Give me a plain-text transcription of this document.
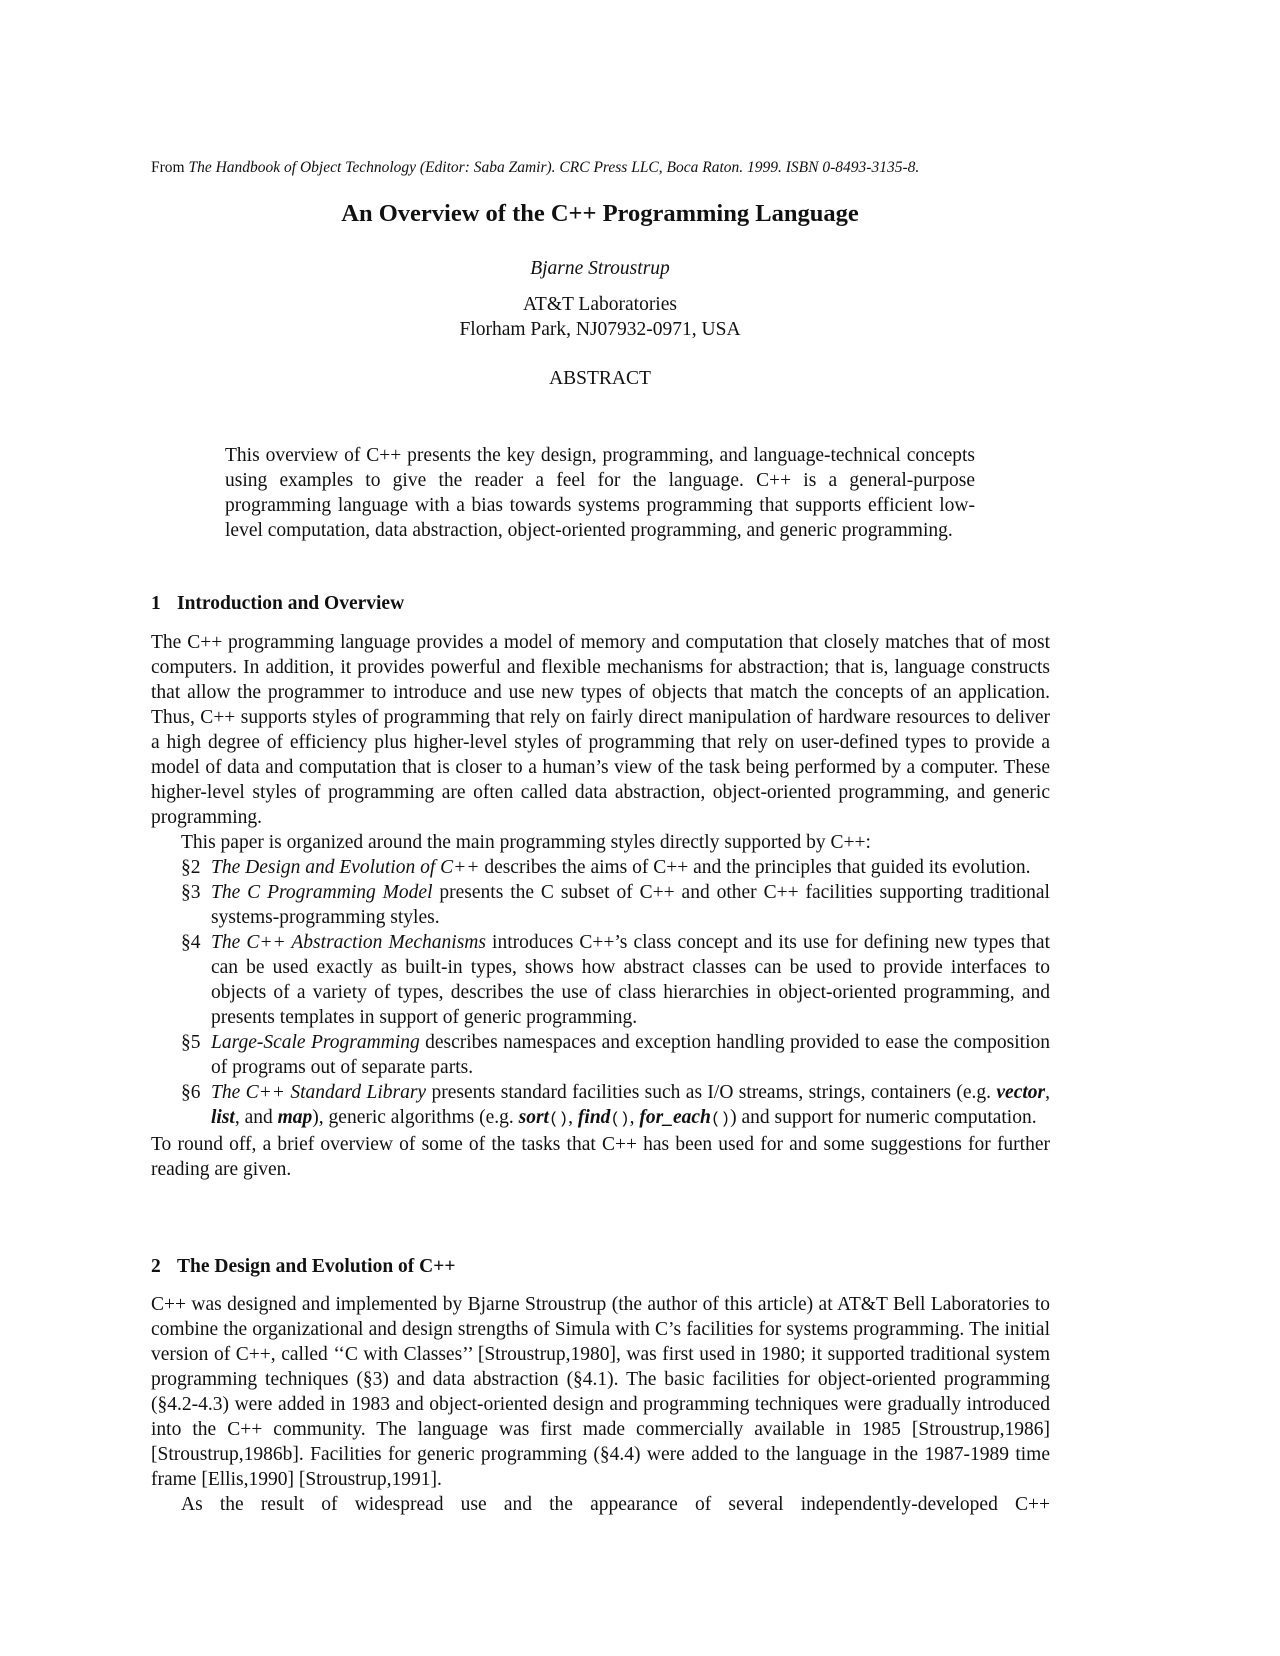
From The Handbook of Object Technology (Editor: Saba Zamir). CRC Press LLC, Boca Raton. 1999. ISBN 0-8493-3135-8.
An Overview of the C++ Programming Language
Bjarne Stroustrup
AT&T Laboratories
Florham Park, NJ07932-0971, USA
ABSTRACT
This overview of C++ presents the key design, programming, and language-technical concepts using examples to give the reader a feel for the language. C++ is a general-purpose programming language with a bias towards systems programming that supports efficient low-level computation, data abstraction, object-oriented programming, and generic programming.
1 Introduction and Overview

The C++ programming language provides a model of memory and computation that closely matches that of most computers. In addition, it provides powerful and flexible mechanisms for abstraction; that is, language constructs that allow the programmer to introduce and use new types of objects that match the concepts of an application. Thus, C++ supports styles of programming that rely on fairly direct manipulation of hardware resources to deliver a high degree of efficiency plus higher-level styles of programming that rely on user-defined types to provide a model of data and computation that is closer to a human’s view of the task being performed by a computer. These higher-level styles of programming are often called data abstraction, object-oriented programming, and generic programming.

This paper is organized around the main programming styles directly supported by C++:

§2 The Design and Evolution of C++ describes the aims of C++ and the principles that guided its evolution.
§3 The C Programming Model presents the C subset of C++ and other C++ facilities supporting traditional systems-programming styles.
§4 The C++ Abstraction Mechanisms introduces C++’s class concept and its use for defining new types that can be used exactly as built-in types, shows how abstract classes can be used to provide interfaces to objects of a variety of types, describes the use of class hierarchies in object-oriented programming, and presents templates in support of generic programming.
§5 Large-Scale Programming describes namespaces and exception handling provided to ease the composition of programs out of separate parts.
§6 The C++ Standard Library presents standard facilities such as I/O streams, strings, containers (e.g. vector, list, and map), generic algorithms (e.g. sort(), find(), for_each()) and support for numeric computation.

To round off, a brief overview of some of the tasks that C++ has been used for and some suggestions for further reading are given.

2 The Design and Evolution of C++

C++ was designed and implemented by Bjarne Stroustrup (the author of this article) at AT&T Bell Laboratories to combine the organizational and design strengths of Simula with C’s facilities for systems programming. The initial version of C++, called ‘‘C with Classes’’ [Stroustrup,1980], was first used in 1980; it supported traditional system programming techniques (§3) and data abstraction (§4.1). The basic facilities for object-oriented programming (§4.2-4.3) were added in 1983 and object-oriented design and programming techniques were gradually introduced into the C++ community. The language was first made commercially available in 1985 [Stroustrup,1986] [Stroustrup,1986b]. Facilities for generic programming (§4.4) were added to the language in the 1987-1989 time frame [Ellis,1990] [Stroustrup,1991].

As the result of widespread use and the appearance of several independently-developed C++
